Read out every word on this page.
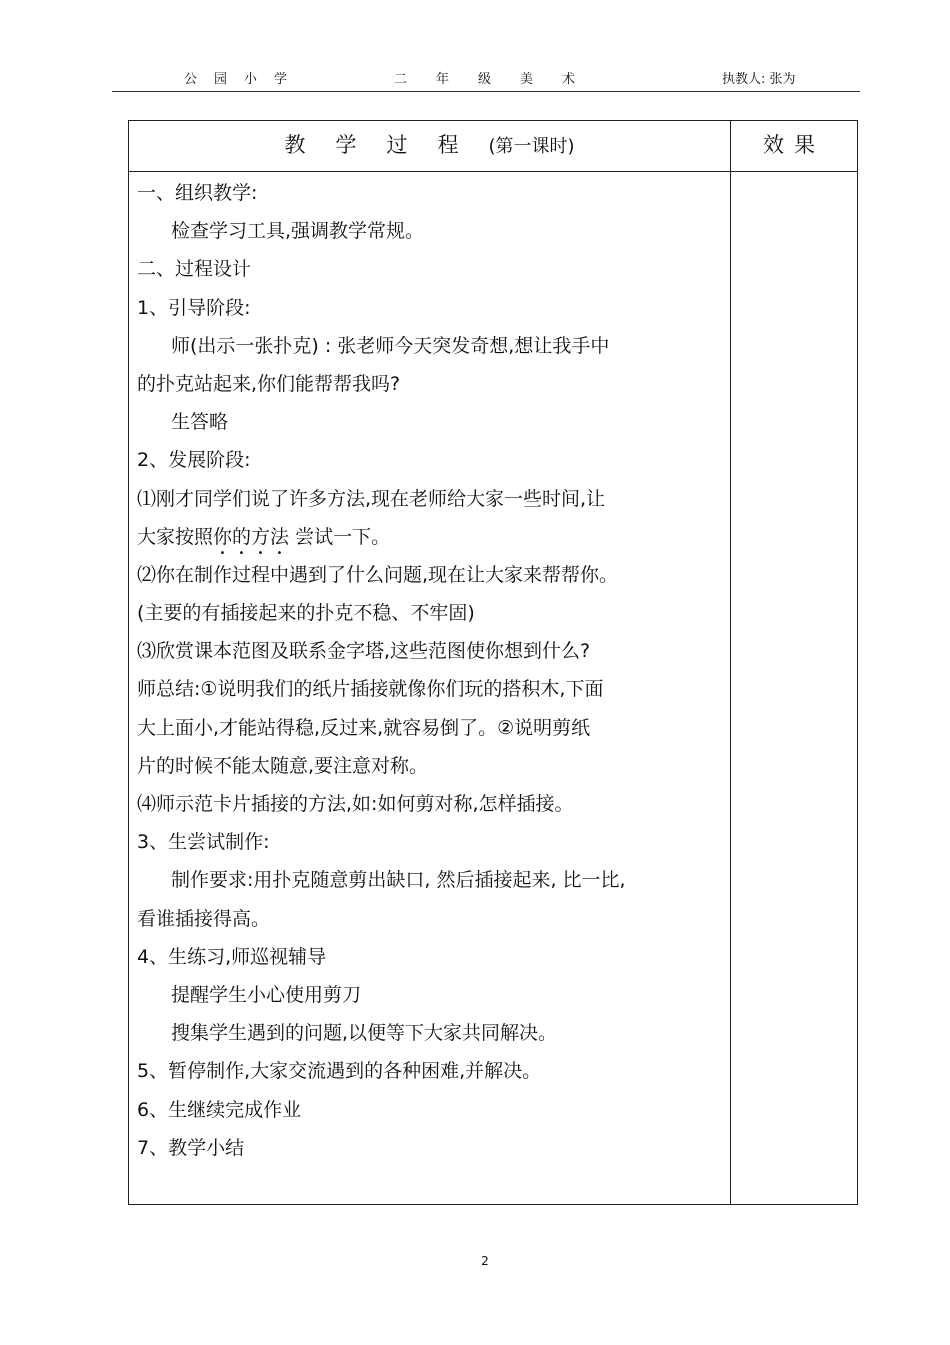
公园小学	二年级美术	执教人: 张为
教学过程(第一课时)	效果
一、组织教学:
检查学习工具,强调教学常规。
二、过程设计
1、引导阶段:
师(出示一张扑克) : 张老师今天突发奇想,想让我手中
的扑克站起来,你们能帮帮我吗?
生答略
2、发展阶段:
⑴刚才同学们说了许多方法,现在老师给大家一些时间,让
大家按照你的方法 尝试一下。
⑵你在制作过程中遇到了什么问题,现在让大家来帮帮你。
(主要的有插接起来的扑克不稳、不牢固)
⑶欣赏课本范图及联系金字塔,这些范图使你想到什么?
师总结:①说明我们的纸片插接就像你们玩的搭积木,下面
大上面小,才能站得稳,反过来,就容易倒了。②说明剪纸
片的时候不能太随意,要注意对称。
⑷师示范卡片插接的方法,如:如何剪对称,怎样插接。
3、生尝试制作:
制作要求:用扑克随意剪出缺口, 然后插接起来, 比一比,
看谁插接得高。
4、生练习,师巡视辅导
提醒学生小心使用剪刀
搜集学生遇到的问题,以便等下大家共同解决。
5、暂停制作,大家交流遇到的各种困难,并解决。
6、生继续完成作业
7、教学小结
2
